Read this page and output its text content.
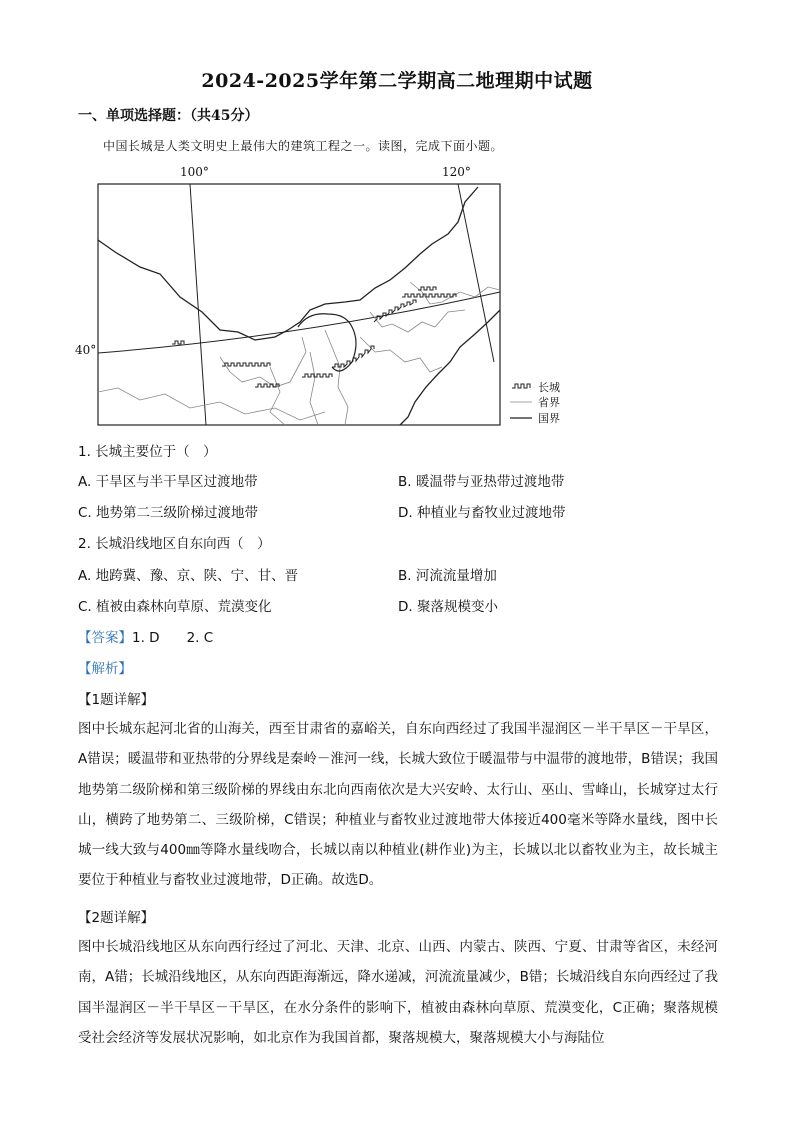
2024-2025学年第二学期高二地理期中试题
一、单项选择题：（共45分）
中国长城是人类文明史上最伟大的建筑工程之一。读图，完成下面小题。
100°	120°
40°
长城
省界
国界
1. 长城主要位于（　）
A. 干旱区与半干旱区过渡地带	B. 暖温带与亚热带过渡地带
C. 地势第二三级阶梯过渡地带	D. 种植业与畜牧业过渡地带
2. 长城沿线地区自东向西（　）
A. 地跨冀、豫、京、陕、宁、甘、晋	B. 河流流量增加
C. 植被由森林向草原、荒漠变化	D. 聚落规模变小
【答案】1. D　　2. C
【解析】
【1题详解】
图中长城东起河北省的山海关，西至甘肃省的嘉峪关，自东向西经过了我国半湿润区－半干旱区－干旱区，A错误；暖温带和亚热带的分界线是秦岭－淮河一线，长城大致位于暖温带与中温带的渡地带，B错误；我国地势第二级阶梯和第三级阶梯的界线由东北向西南依次是大兴安岭、太行山、巫山、雪峰山，长城穿过太行山，横跨了地势第二、三级阶梯，C错误；种植业与畜牧业过渡地带大体接近400毫米等降水量线，图中长城一线大致与400㎜等降水量线吻合，长城以南以种植业(耕作业)为主，长城以北以畜牧业为主，故长城主要位于种植业与畜牧业过渡地带，D正确。故选D。
【2题详解】
图中长城沿线地区从东向西行经过了河北、天津、北京、山西、内蒙古、陕西、宁夏、甘肃等省区，未经河南，A错；长城沿线地区，从东向西距海渐远，降水递减，河流流量减少，B错；长城沿线自东向西经过了我国半湿润区－半干旱区－干旱区，在水分条件的影响下，植被由森林向草原、荒漠变化，C正确；聚落规模受社会经济等发展状况影响，如北京作为我国首都，聚落规模大，聚落规模大小与海陆位
